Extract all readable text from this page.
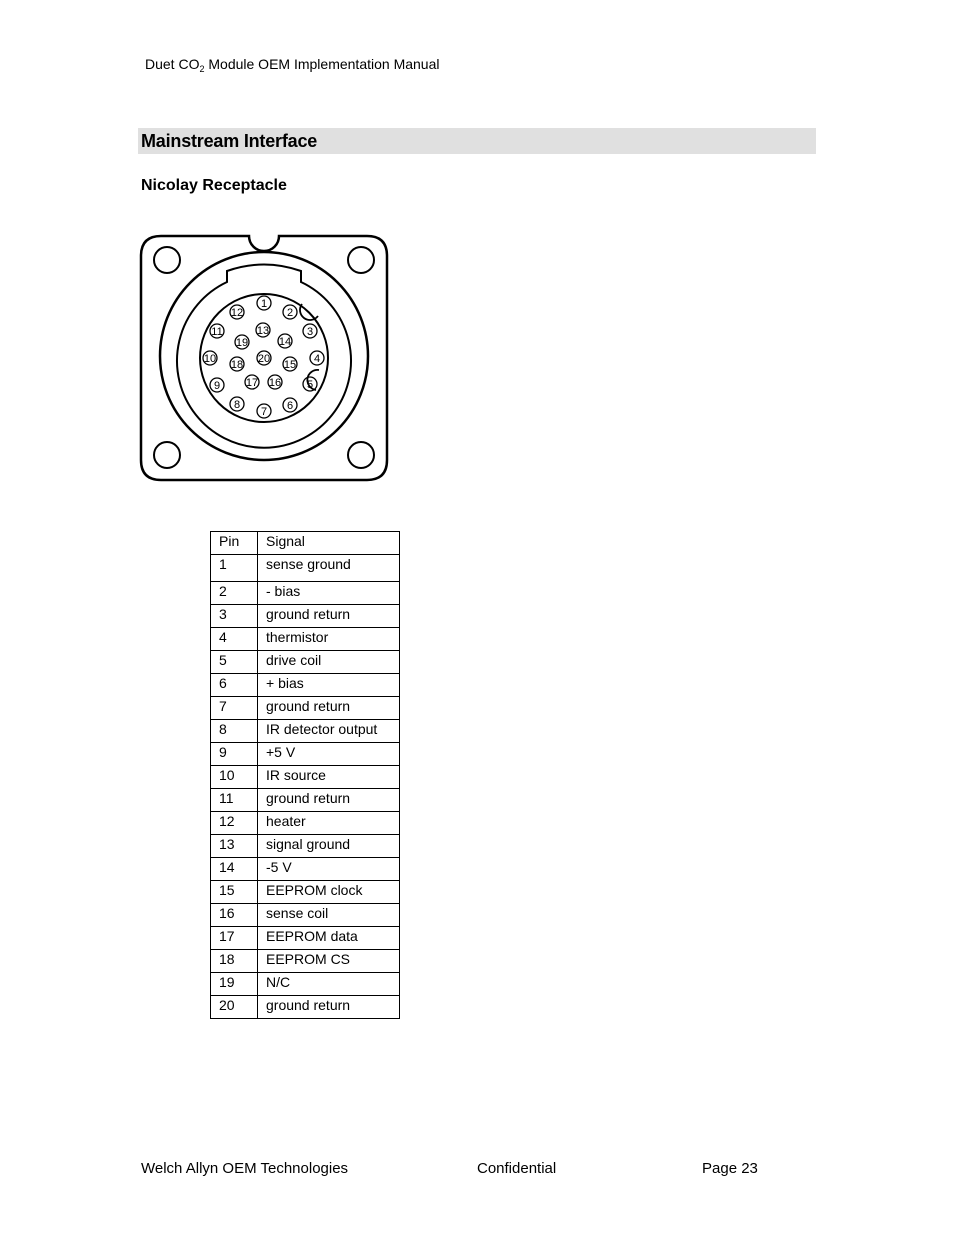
Duet $CO_2$ Module OEM Implementation Manual
Mainstream Interface
Nicolay Receptacle
1
2
3
4
5
6
7
8
9
10
11
12
13
14
15
16
17
18
19
20
Pin	Signal
1	sense ground
2	- bias
3	ground return
4	thermistor
5	drive coil
6	+ bias
7	ground return
8	IR detector output
9	+5 V
10	IR source
11	ground return
12	heater
13	signal ground
14	-5 V
15	EEPROM clock
16	sense coil
17	EEPROM data
18	EEPROM CS
19	N/C
20	ground return
Welch Allyn OEM Technologies	Confidential	Page 23
